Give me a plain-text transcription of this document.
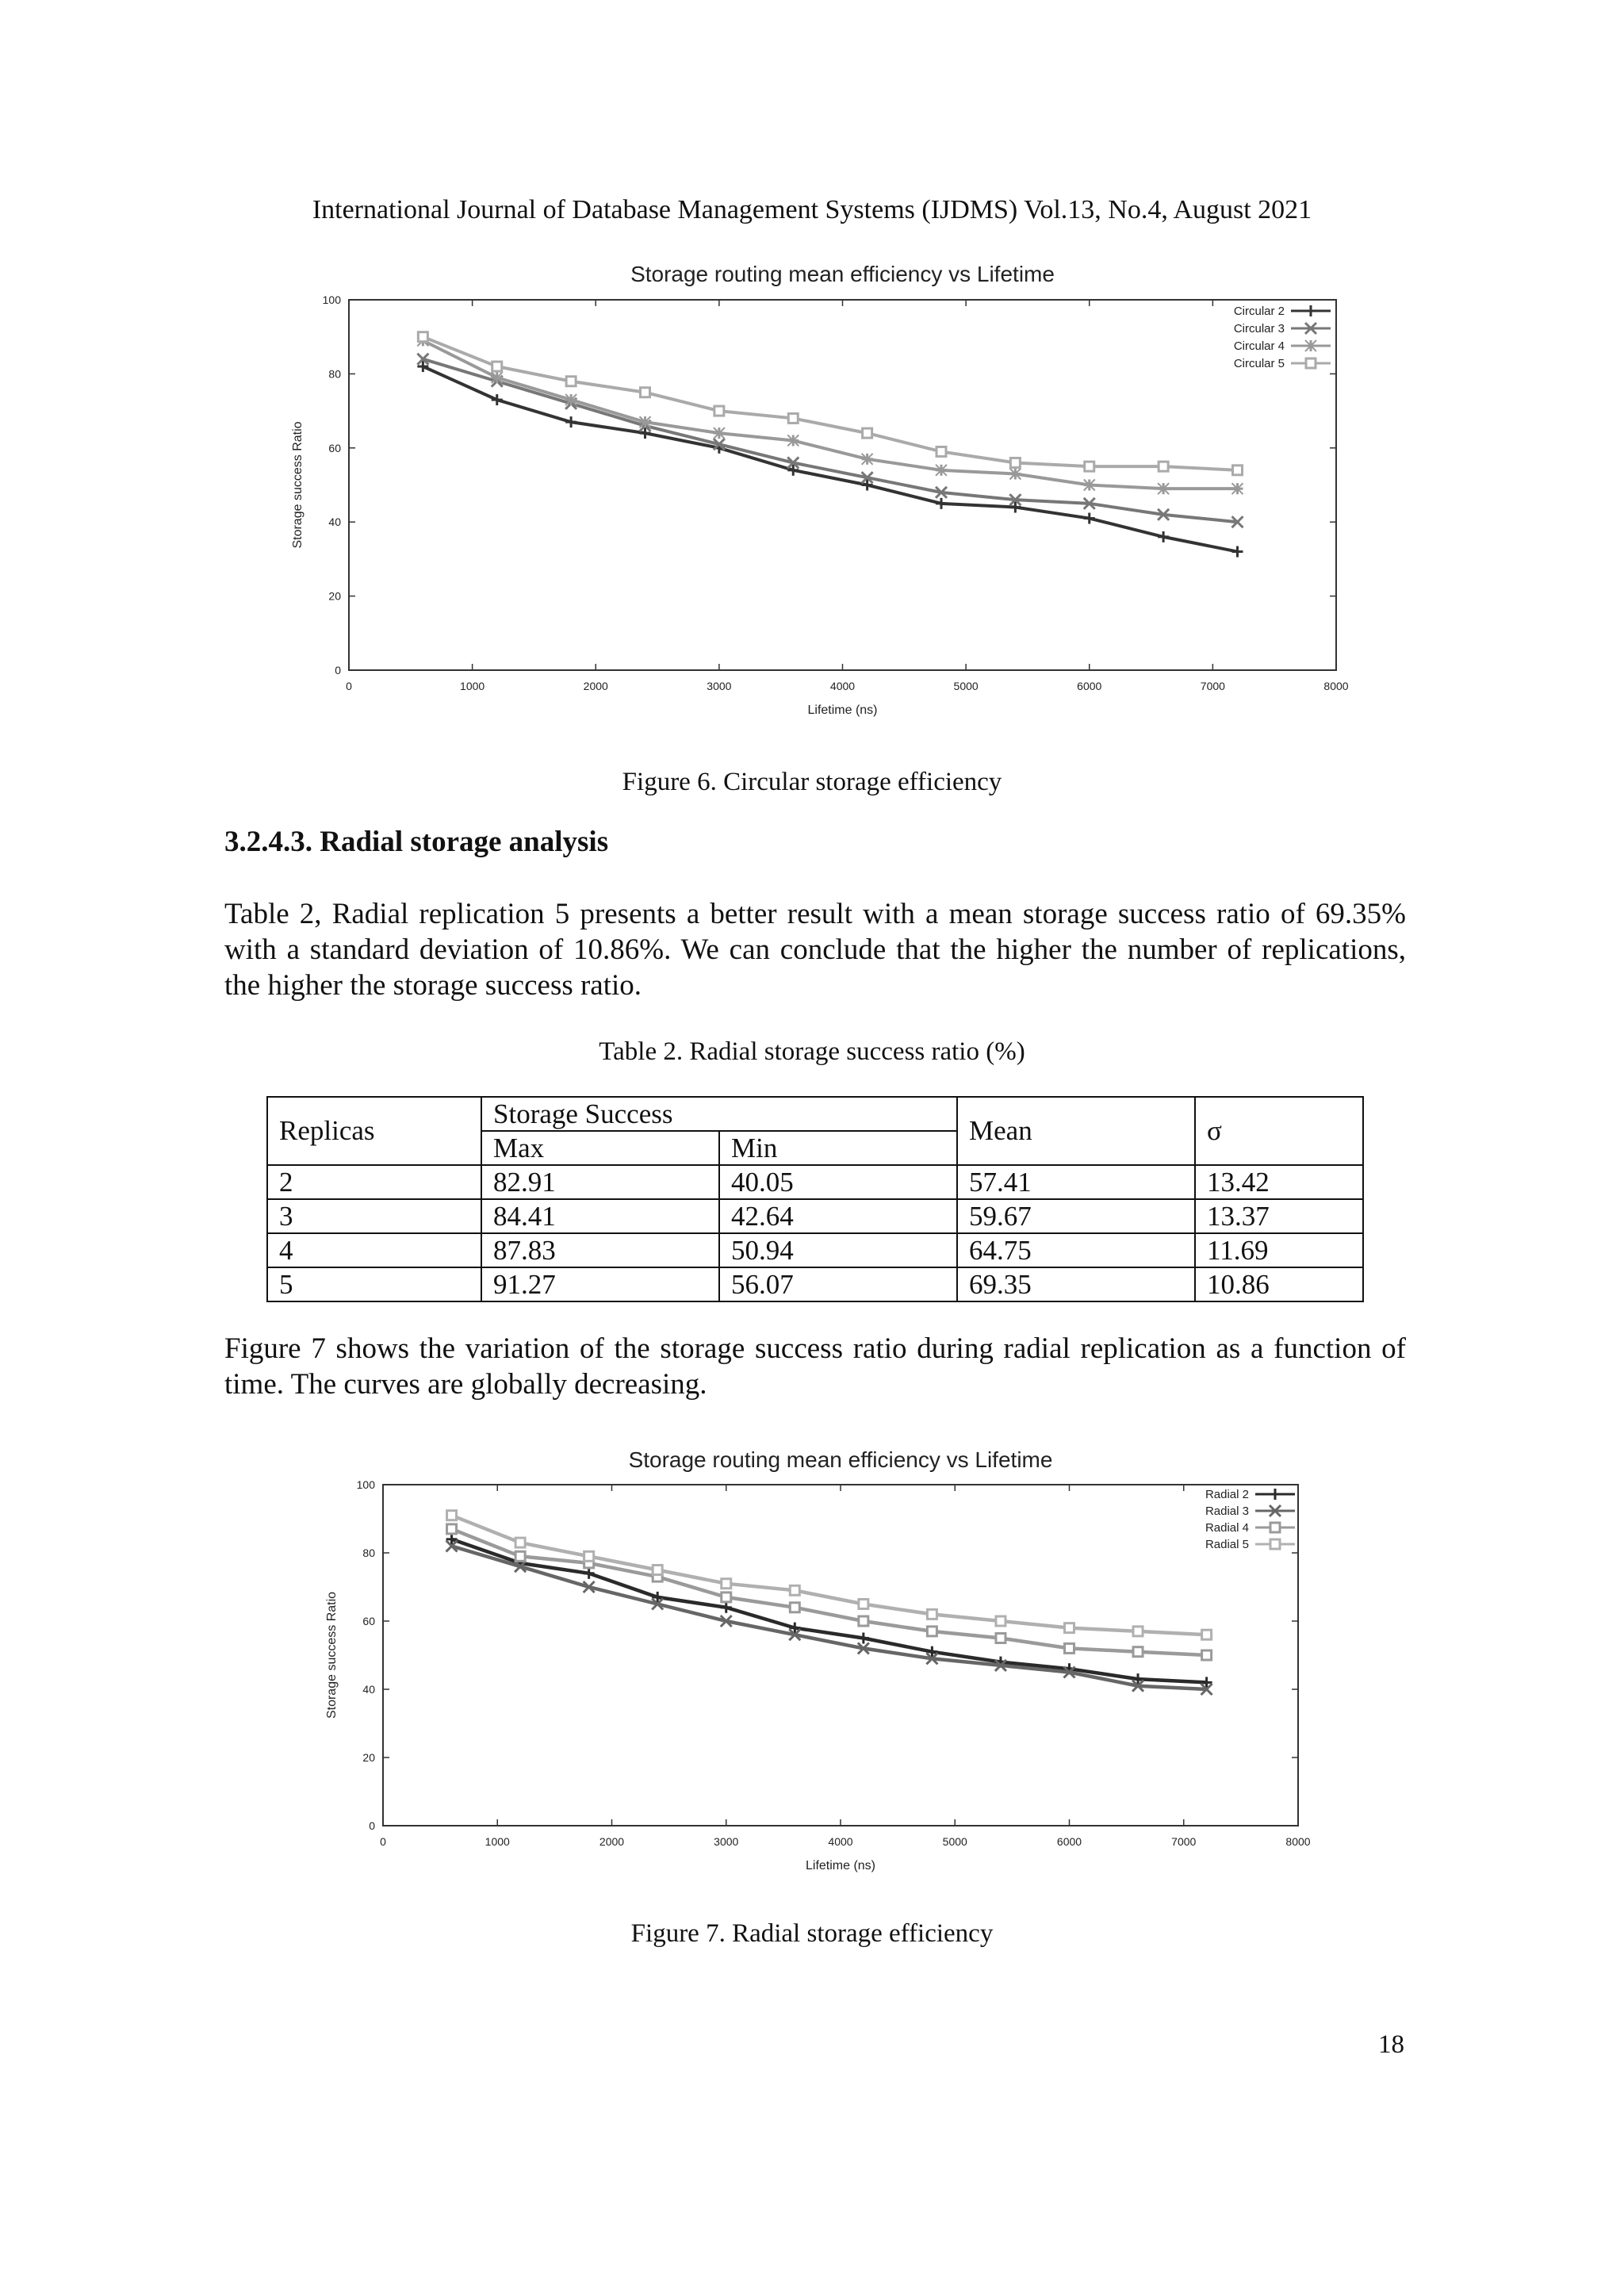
International Journal of Database Management Systems (IJDMS) Vol.13, No.4, August 2021
Storage routing mean efficiency vs Lifetime
0
20
40
60
80
100
0	1000	2000	3000	4000	5000	6000	7000	8000
Lifetime (ns)
Storage success Ratio
Circular 2
Circular 3
Circular 4
Circular 5
Figure 6. Circular storage efficiency
3.2.4.3. Radial storage analysis
Table 2, Radial replication 5 presents a better result with a mean storage success ratio of 69.35% with a standard deviation of 10.86%. We can conclude that the higher the number of replications, the higher the storage success ratio.
Table 2. Radial storage success ratio (%)
Replicas	Storage Success		Mean	σ
	Max	Min		
2	82.91	40.05	57.41	13.42
3	84.41	42.64	59.67	13.37
4	87.83	50.94	64.75	11.69
5	91.27	56.07	69.35	10.86
Figure 7 shows the variation of the storage success ratio during radial replication as a function of time. The curves are globally decreasing.
Storage routing mean efficiency vs Lifetime
0
20
40
60
80
100
0	1000	2000	3000	4000	5000	6000	7000	8000
Lifetime (ns)
Storage success Ratio
Radial 2
Radial 3
Radial 4
Radial 5
Figure 7. Radial storage efficiency
18
